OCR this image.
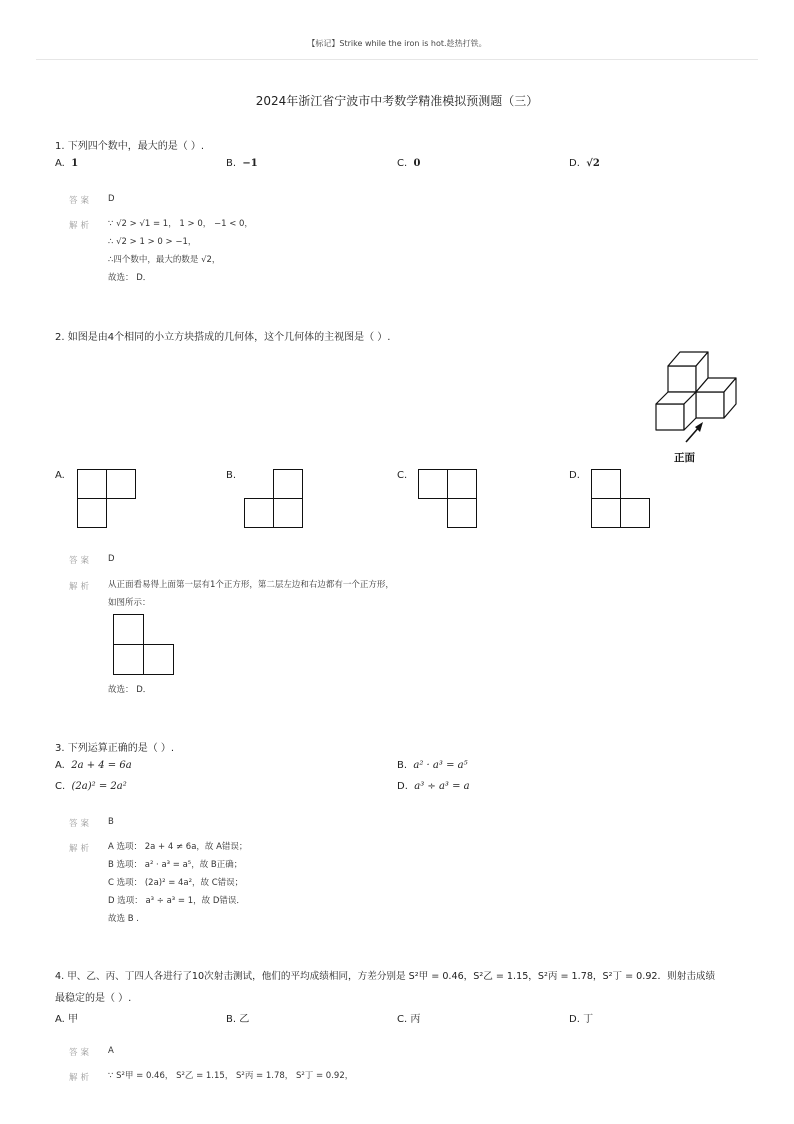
【标记】Strike while the iron is hot.趁热打铁。
2024年浙江省宁波市中考数学精准模拟预测题（三）
1. 下列四个数中，最大的是（ ）.
A. 1	B. −1	C. 0	D. √2
答案 D
解析 ∵ √2 > √1 = 1， 1 > 0， −1 < 0，
∴ √2 > 1 > 0 > −1，
∴四个数中，最大的数是 √2，
故选： D．
2. 如图是由4个相同的小立方块搭成的几何体，这个几何体的主视图是（ ）.
正面
A.	B.	C.	D.
答案 D
解析 从正面看易得上面第一层有1个正方形，第二层左边和右边都有一个正方形，
如图所示：
故选： D．
3. 下列运算正确的是（ ）.
A. 2a + 4 = 6a	B. a² · a³ = a⁵
C. (2a)² = 2a²	D. a³ ÷ a³ = a
答案 B
解析 A 选项： 2a + 4 ≠ 6a，故 A错误；
B 选项： a² · a³ = a⁵，故 B正确；
C 选项： (2a)² = 4a²，故 C错误；
D 选项： a³ ÷ a³ = 1，故 D错误．
故选 B .
4. 甲、乙、丙、丁四人各进行了10次射击测试，他们的平均成绩相同，方差分别是 S²甲 = 0.46，S²乙 = 1.15，S²丙 = 1.78，S²丁 = 0.92．则射击成绩
最稳定的是（ ）.
A. 甲	B. 乙	C. 丙	D. 丁
答案 A
解析 ∵ S²甲 = 0.46， S²乙 = 1.15， S²丙 = 1.78， S²丁 = 0.92，
